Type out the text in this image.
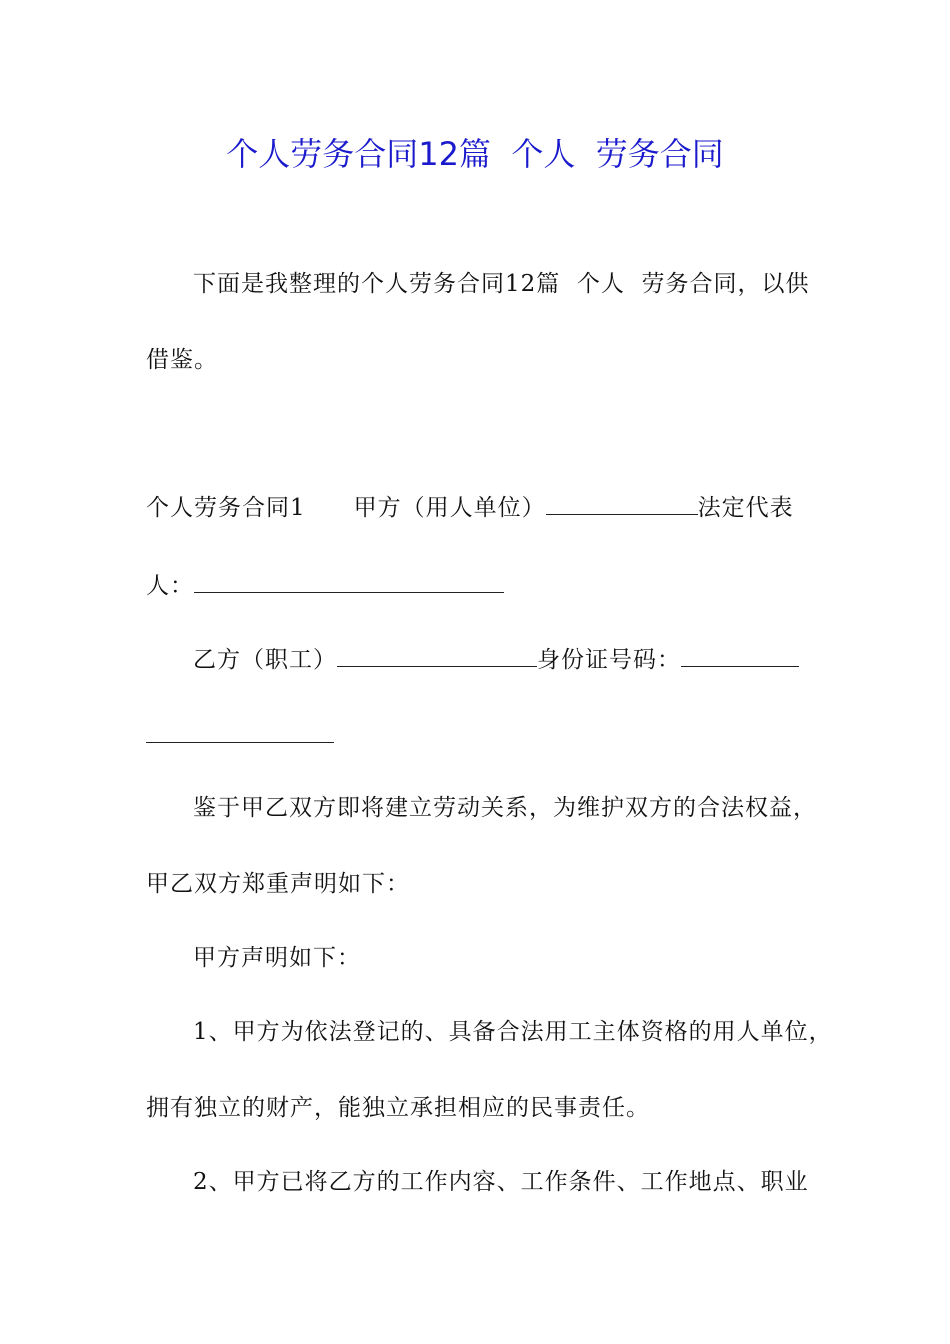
个人劳务合同12篇  个人  劳务合同

下面是我整理的个人劳务合同12篇  个人  劳务合同，以供

借鉴。

个人劳务合同1 甲方（用人单位）	法定代表

人：

乙方（职工）	身份证号码：

鉴于甲乙双方即将建立劳动关系，为维护双方的合法权益，

甲乙双方郑重声明如下：

甲方声明如下：

1、甲方为依法登记的、具备合法用工主体资格的用人单位，

拥有独立的财产，能独立承担相应的民事责任。

2、甲方已将乙方的工作内容、工作条件、工作地点、职业
